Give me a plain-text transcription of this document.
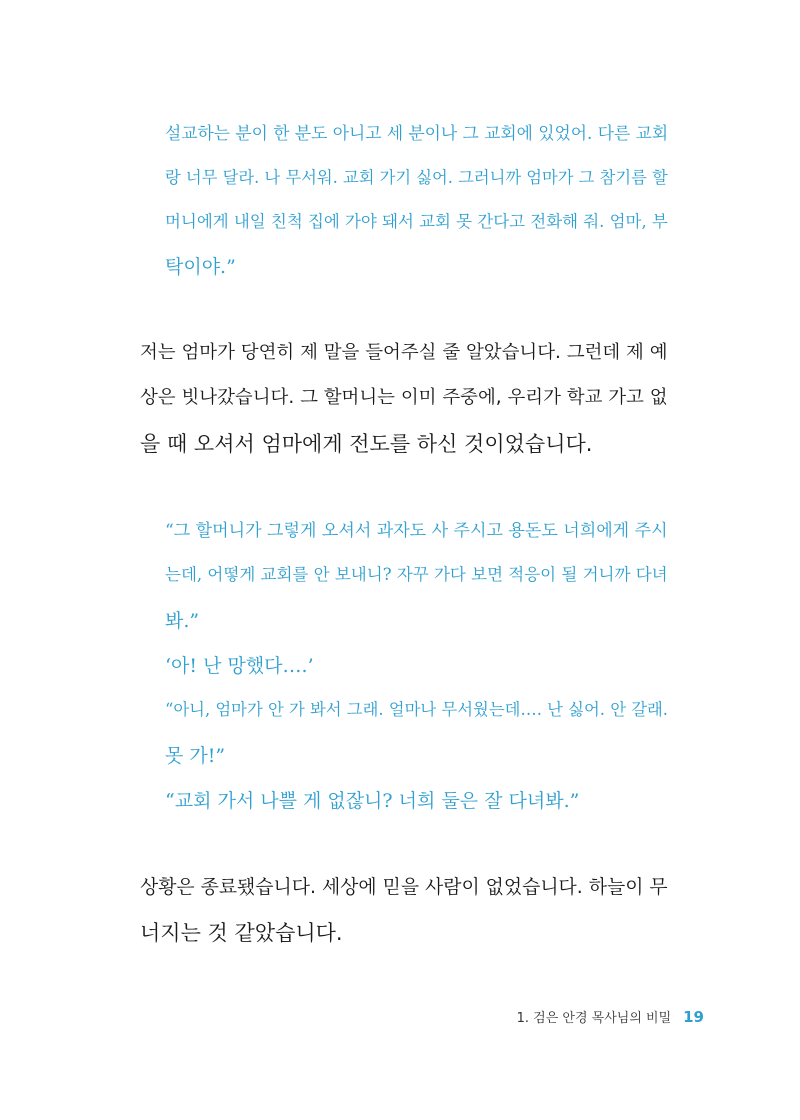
설교하는 분이 한 분도 아니고 세 분이나 그 교회에 있었어. 다른 교회

랑 너무 달라. 나 무서워. 교회 가기 싫어. 그러니까 엄마가 그 참기름 할

머니에게 내일 친척 집에 가야 돼서 교회 못 간다고 전화해 줘. 엄마, 부

탁이야.”

저는 엄마가 당연히 제 말을 들어주실 줄 알았습니다. 그런데 제 예

상은 빗나갔습니다. 그 할머니는 이미 주중에, 우리가 학교 가고 없

을 때 오셔서 엄마에게 전도를 하신 것이었습니다.

“그 할머니가 그렇게 오셔서 과자도 사 주시고 용돈도 너희에게 주시

는데, 어떻게 교회를 안 보내니? 자꾸 가다 보면 적응이 될 거니까 다녀

봐.”

‘아! 난 망했다….’

“아니, 엄마가 안 가 봐서 그래. 얼마나 무서웠는데…. 난 싫어. 안 갈래.

못 가!”

“교회 가서 나쁠 게 없잖니? 너희 둘은 잘 다녀봐.”

상황은 종료됐습니다. 세상에 믿을 사람이 없었습니다. 하늘이 무

너지는 것 같았습니다.

1. 검은 안경 목사님의 비밀 19
